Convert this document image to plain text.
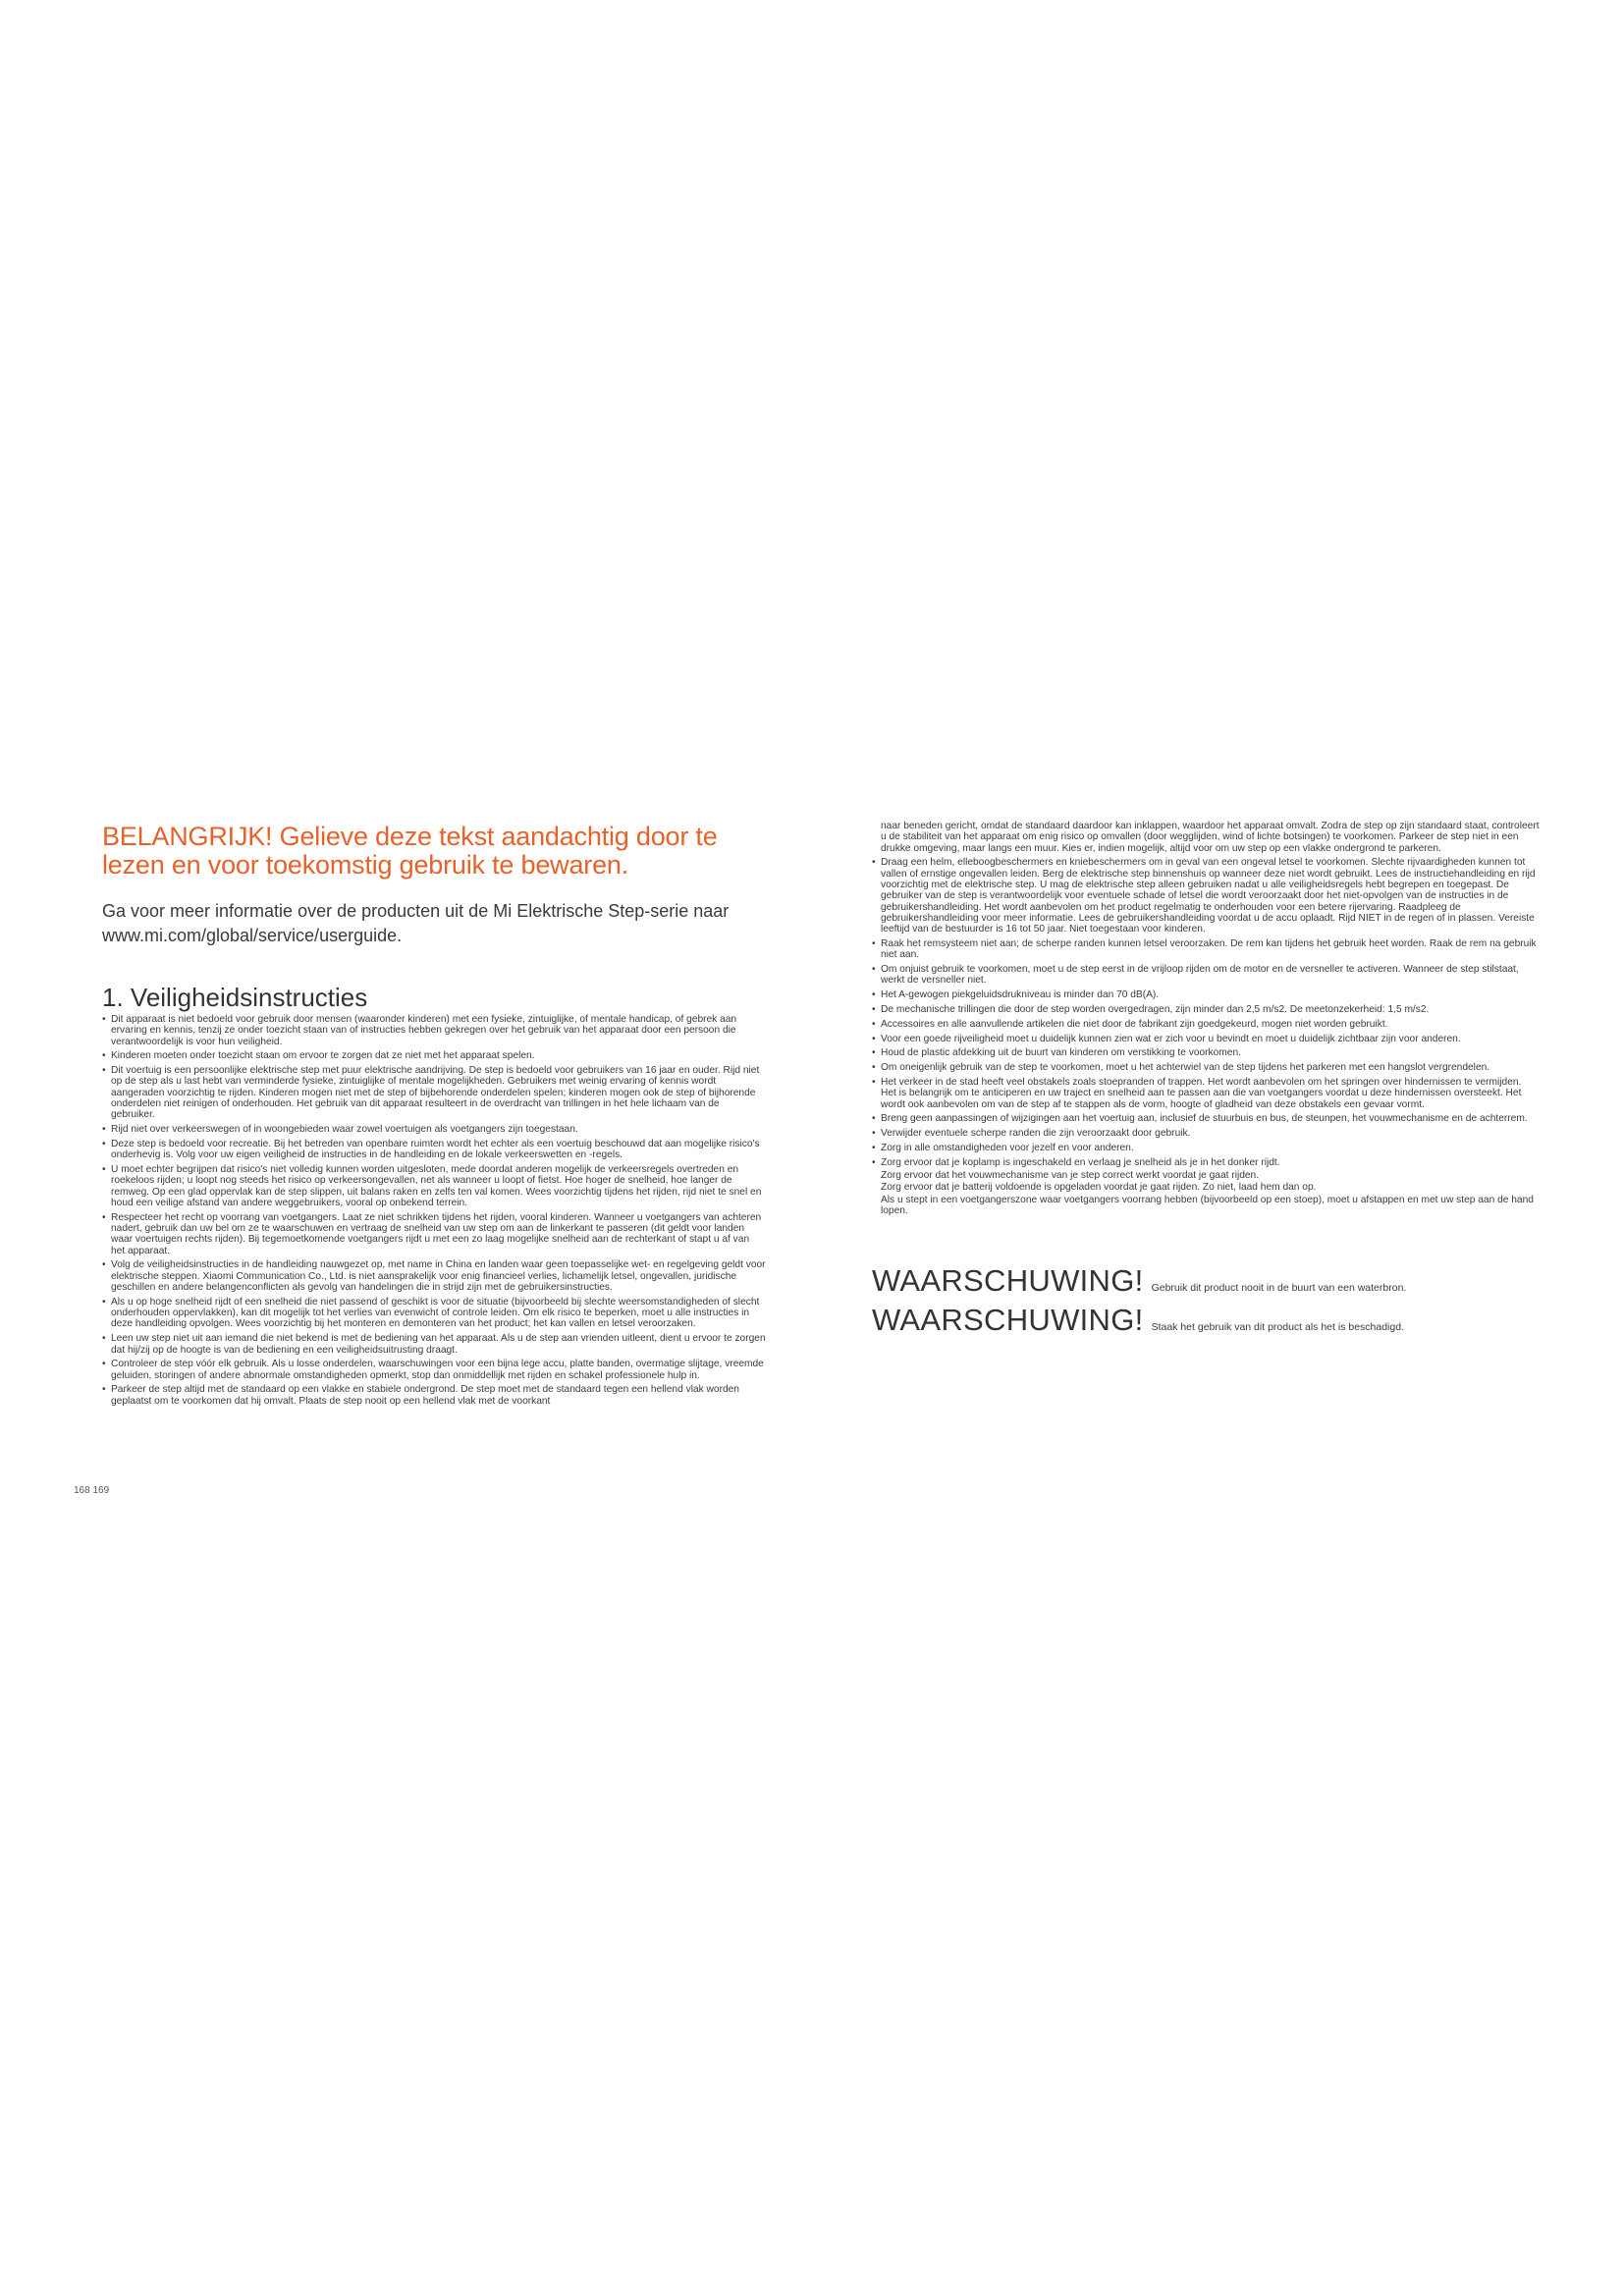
BELANGRIJK! Gelieve deze tekst aandachtig door te lezen en voor toekomstig gebruik te bewaren.

Ga voor meer informatie over de producten uit de Mi Elektrische Step-serie naar www.mi.com/global/service/userguide.

1. Veiligheidsinstructies
• Dit apparaat is niet bedoeld voor gebruik door mensen (waaronder kinderen) met een fysieke, zintuiglijke, of mentale handicap, of gebrek aan ervaring en kennis, tenzij ze onder toezicht staan van of instructies hebben gekregen over het gebruik van het apparaat door een persoon die verantwoordelijk is voor hun veiligheid.
• Kinderen moeten onder toezicht staan om ervoor te zorgen dat ze niet met het apparaat spelen.
• Dit voertuig is een persoonlijke elektrische step met puur elektrische aandrijving. De step is bedoeld voor gebruikers van 16 jaar en ouder. Rijd niet op de step als u last hebt van verminderde fysieke, zintuiglijke of mentale mogelijkheden. Gebruikers met weinig ervaring of kennis wordt aangeraden voorzichtig te rijden. Kinderen mogen niet met de step of bijbehorende onderdelen spelen; kinderen mogen ook de step of bijhorende onderdelen niet reinigen of onderhouden. Het gebruik van dit apparaat resulteert in de overdracht van trillingen in het hele lichaam van de gebruiker.
• Rijd niet over verkeerswegen of in woongebieden waar zowel voertuigen als voetgangers zijn toegestaan.
• Deze step is bedoeld voor recreatie. Bij het betreden van openbare ruimten wordt het echter als een voertuig beschouwd dat aan mogelijke risico's onderhevig is. Volg voor uw eigen veiligheid de instructies in de handleiding en de lokale verkeerswetten en -regels.
• U moet echter begrijpen dat risico's niet volledig kunnen worden uitgesloten, mede doordat anderen mogelijk de verkeersregels overtreden en roekeloos rijden; u loopt nog steeds het risico op verkeersongevallen, net als wanneer u loopt of fietst. Hoe hoger de snelheid, hoe langer de remweg. Op een glad oppervlak kan de step slippen, uit balans raken en zelfs ten val komen. Wees voorzichtig tijdens het rijden, rijd niet te snel en houd een veilige afstand van andere weggebruikers, vooral op onbekend terrein.
• Respecteer het recht op voorrang van voetgangers. Laat ze niet schrikken tijdens het rijden, vooral kinderen. Wanneer u voetgangers van achteren nadert, gebruik dan uw bel om ze te waarschuwen en vertraag de snelheid van uw step om aan de linkerkant te passeren (dit geldt voor landen waar voertuigen rechts rijden). Bij tegemoetkomende voetgangers rijdt u met een zo laag mogelijke snelheid aan de rechterkant of stapt u af van het apparaat.
• Volg de veiligheidsinstructies in de handleiding nauwgezet op, met name in China en landen waar geen toepasselijke wet- en regelgeving geldt voor elektrische steppen. Xiaomi Communication Co., Ltd. is niet aansprakelijk voor enig financieel verlies, lichamelijk letsel, ongevallen, juridische geschillen en andere belangenconflicten als gevolg van handelingen die in strijd zijn met de gebruikersinstructies.
• Als u op hoge snelheid rijdt of een snelheid die niet passend of geschikt is voor de situatie (bijvoorbeeld bij slechte weersomstandigheden of slecht onderhouden oppervlakken), kan dit mogelijk tot het verlies van evenwicht of controle leiden. Om elk risico te beperken, moet u alle instructies in deze handleiding opvolgen. Wees voorzichtig bij het monteren en demonteren van het product; het kan vallen en letsel veroorzaken.
• Leen uw step niet uit aan iemand die niet bekend is met de bediening van het apparaat. Als u de step aan vrienden uitleent, dient u ervoor te zorgen dat hij/zij op de hoogte is van de bediening en een veiligheidsuitrusting draagt.
• Controleer de step vóór elk gebruik. Als u losse onderdelen, waarschuwingen voor een bijna lege accu, platte banden, overmatige slijtage, vreemde geluiden, storingen of andere abnormale omstandigheden opmerkt, stop dan onmiddellijk met rijden en schakel professionele hulp in.
• Parkeer de step altijd met de standaard op een vlakke en stabiele ondergrond. De step moet met de standaard tegen een hellend vlak worden geplaatst om te voorkomen dat hij omvalt. Plaats de step nooit op een hellend vlak met de voorkant
168 169
naar beneden gericht, omdat de standaard daardoor kan inklappen, waardoor het apparaat omvalt. Zodra de step op zijn standaard staat, controleert u de stabiliteit van het apparaat om enig risico op omvallen (door wegglijden, wind of lichte botsingen) te voorkomen. Parkeer de step niet in een drukke omgeving, maar langs een muur. Kies er, indien mogelijk, altijd voor om uw step op een vlakke ondergrond te parkeren.
• Draag een helm, elleboogbeschermers en kniebeschermers om in geval van een ongeval letsel te voorkomen. Slechte rijvaardigheden kunnen tot vallen of ernstige ongevallen leiden. Berg de elektrische step binnenshuis op wanneer deze niet wordt gebruikt. Lees de instructiehandleiding en rijd voorzichtig met de elektrische step. U mag de elektrische step alleen gebruiken nadat u alle veiligheidsregels hebt begrepen en toegepast. De gebruiker van de step is verantwoordelijk voor eventuele schade of letsel die wordt veroorzaakt door het niet-opvolgen van de instructies in de gebruikershandleiding. Het wordt aanbevolen om het product regelmatig te onderhouden voor een betere rijervaring. Raadpleeg de gebruikershandleiding voor meer informatie. Lees de gebruikershandleiding voordat u de accu oplaadt. Rijd NIET in de regen of in plassen. Vereiste leeftijd van de bestuurder is 16 tot 50 jaar. Niet toegestaan voor kinderen.
• Raak het remsysteem niet aan; de scherpe randen kunnen letsel veroorzaken. De rem kan tijdens het gebruik heet worden. Raak de rem na gebruik niet aan.
• Om onjuist gebruik te voorkomen, moet u de step eerst in de vrijloop rijden om de motor en de versneller te activeren. Wanneer de step stilstaat, werkt de versneller niet.
• Het A-gewogen piekgeluidsdrukniveau is minder dan 70 dB(A).
• De mechanische trillingen die door de step worden overgedragen, zijn minder dan 2,5 m/s2. De meetonzekerheid: 1,5 m/s2.
• Accessoires en alle aanvullende artikelen die niet door de fabrikant zijn goedgekeurd, mogen niet worden gebruikt.
• Voor een goede rijveiligheid moet u duidelijk kunnen zien wat er zich voor u bevindt en moet u duidelijk zichtbaar zijn voor anderen.
• Houd de plastic afdekking uit de buurt van kinderen om verstikking te voorkomen.
• Om oneigenlijk gebruik van de step te voorkomen, moet u het achterwiel van de step tijdens het parkeren met een hangslot vergrendelen.
• Het verkeer in de stad heeft veel obstakels zoals stoepranden of trappen. Het wordt aanbevolen om het springen over hindernissen te vermijden. Het is belangrijk om te anticiperen en uw traject en snelheid aan te passen aan die van voetgangers voordat u deze hindernissen oversteekt. Het wordt ook aanbevolen om van de step af te stappen als de vorm, hoogte of gladheid van deze obstakels een gevaar vormt.
• Breng geen aanpassingen of wijzigingen aan het voertuig aan, inclusief de stuurbuis en bus, de steunpen, het vouwmechanisme en de achterrem.
• Verwijder eventuele scherpe randen die zijn veroorzaakt door gebruik.
• Zorg in alle omstandigheden voor jezelf en voor anderen.
• Zorg ervoor dat je koplamp is ingeschakeld en verlaag je snelheid als je in het donker rijdt.
Zorg ervoor dat het vouwmechanisme van je step correct werkt voordat je gaat rijden.
Zorg ervoor dat je batterij voldoende is opgeladen voordat je gaat rijden. Zo niet, laad hem dan op.
Als u stept in een voetgangerszone waar voetgangers voorrang hebben (bijvoorbeeld op een stoep), moet u afstappen en met uw step aan de hand lopen.
WAARSCHUWING! Gebruik dit product nooit in de buurt van een waterbron.
WAARSCHUWING! Staak het gebruik van dit product als het is beschadigd.
